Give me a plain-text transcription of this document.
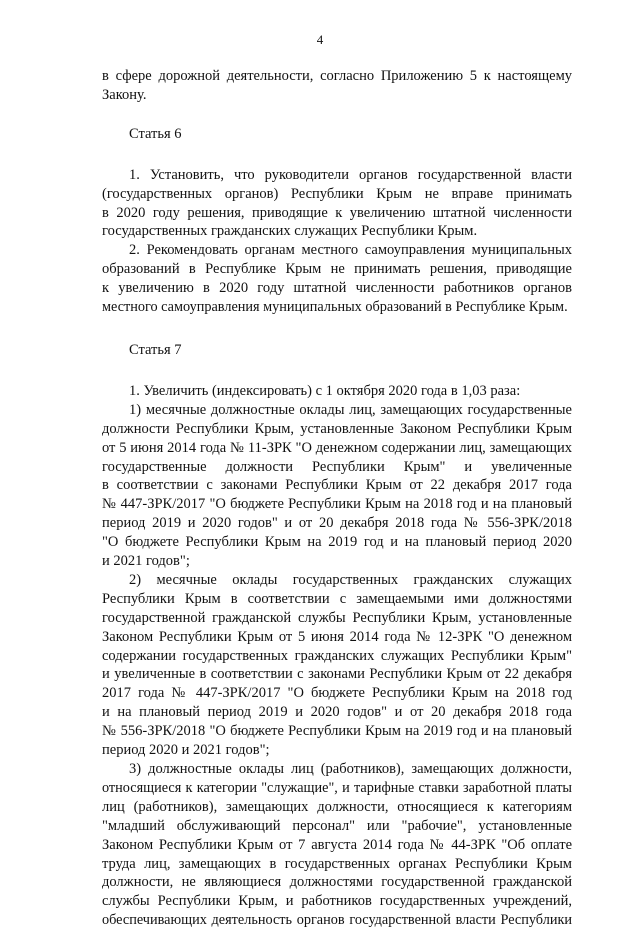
4
в сфере дорожной деятельности, согласно Приложению 5 к настоящему
Закону.
Статья 6
1. Установить, что руководители органов государственной власти
(государственных органов) Республики Крым не вправе принимать
в 2020 году решения, приводящие к увеличению штатной численности
государственных гражданских служащих Республики Крым.
2. Рекомендовать органам местного самоуправления муниципальных
образований в Республике Крым не принимать решения, приводящие
к увеличению в 2020 году штатной численности работников органов
местного самоуправления муниципальных образований в Республике Крым.
Статья 7
1. Увеличить (индексировать) с 1 октября 2020 года в 1,03 раза:
1) месячные должностные оклады лиц, замещающих государственные
должности Республики Крым, установленные Законом Республики Крым
от 5 июня 2014 года № 11-ЗРК "О денежном содержании лиц, замещающих
государственные должности Республики Крым" и увеличенные
в соответствии с законами Республики Крым от 22 декабря 2017 года
№ 447-ЗРК/2017 "О бюджете Республики Крым на 2018 год и на плановый
период 2019 и 2020 годов" и от 20 декабря 2018 года № 556-ЗРК/2018
"О бюджете Республики Крым на 2019 год и на плановый период 2020
и 2021 годов";
2) месячные оклады государственных гражданских служащих
Республики Крым в соответствии с замещаемыми ими должностями
государственной гражданской службы Республики Крым, установленные
Законом Республики Крым от 5 июня 2014 года № 12-ЗРК "О денежном
содержании государственных гражданских служащих Республики Крым"
и увеличенные в соответствии с законами Республики Крым от 22 декабря
2017 года № 447-ЗРК/2017 "О бюджете Республики Крым на 2018 год
и на плановый период 2019 и 2020 годов" и от 20 декабря 2018 года
№ 556-ЗРК/2018 "О бюджете Республики Крым на 2019 год и на плановый
период 2020 и 2021 годов";
3) должностные оклады лиц (работников), замещающих должности,
относящиеся к категории "служащие", и тарифные ставки заработной платы
лиц (работников), замещающих должности, относящиеся к категориям
"младший обслуживающий персонал" или "рабочие", установленные
Законом Республики Крым от 7 августа 2014 года № 44-ЗРК "Об оплате
труда лиц, замещающих в государственных органах Республики Крым
должности, не являющиеся должностями государственной гражданской
службы Республики Крым, и работников государственных учреждений,
обеспечивающих деятельность органов государственной власти Республики
